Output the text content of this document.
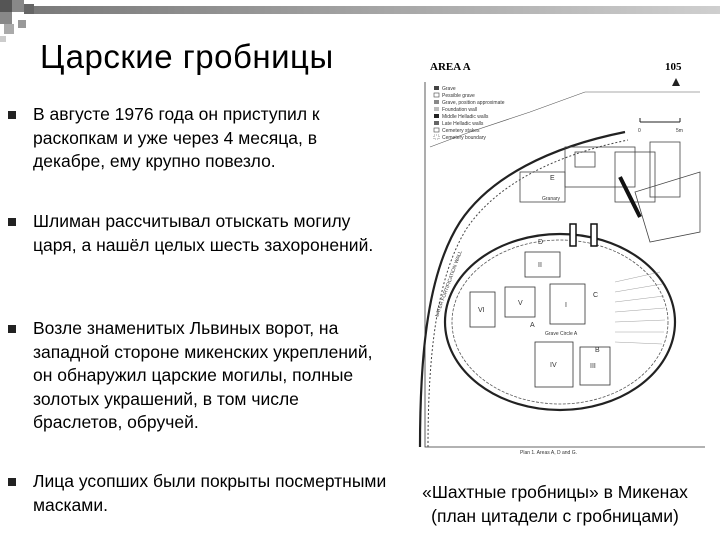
Царские гробницы
В августе 1976 года он приступил к раскопкам и уже через 4 месяца, в декабре, ему крупно повезло.
Шлиман рассчитывал отыскать могилу царя, а нашёл целых шесть захоронений.
Возле знаменитых Львиных ворот, на западной стороне микенских укреплений, он обнаружил царские могилы, полные золотых украшений, в том числе браслетов, обручей.
Лица усопших были покрыты посмертными масками.
AREA A	105
Grave
Pessible grave
Grave, position approximate
Foundation wall
Middle Helladic walls
Late Helladic walls
Cemetery stakes
Cemetery boundary
0	5m
LATER FORTIFICATION WALL
Granary
Grave Circle A
V	I
IV	III
II
VI
E
A
B
C
D
Plan 1. Areas A, D and G.
«Шахтные гробницы» в Микенах
(план цитадели с гробницами)
